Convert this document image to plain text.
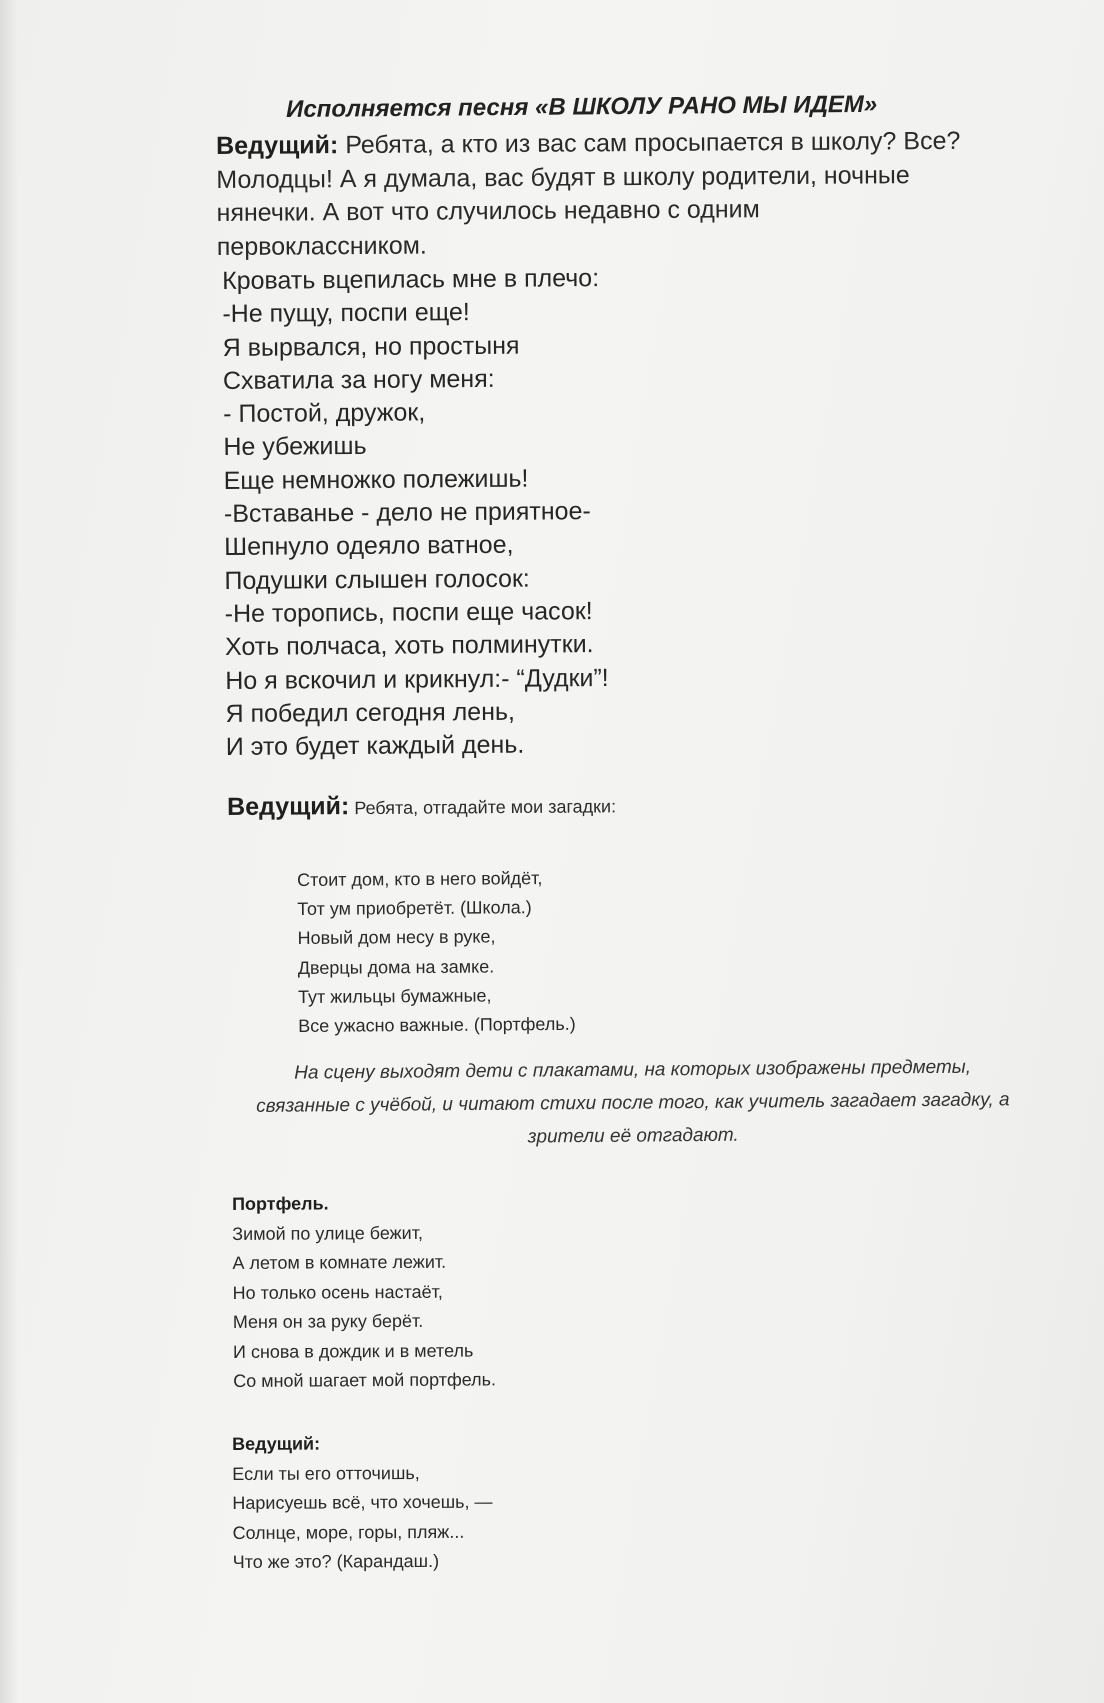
Исполняется песня «В ШКОЛУ РАНО МЫ ИДЕМ»

Ведущий: Ребята, а кто из вас сам просыпается в школу? Все? Молодцы! А я думала, вас будят в школу родители, ночные нянечки. А вот что случилось недавно с одним первоклассником.

Кровать вцепилась мне в плечо:
-Не пущу, поспи еще!
Я вырвался, но простыня
Схватила за ногу меня:
- Постой, дружок,
Не убежишь
Еще немножко полежишь!
-Вставанье - дело не приятное-
Шепнуло одеяло ватное,
Подушки слышен голосок:
-Не торопись, поспи еще часок!
Хоть полчаса, хоть полминутки.
Но я вскочил и крикнул:- “Дудки”!
Я победил сегодня лень,
И это будет каждый день.
Ведущий: Ребята, отгадайте мои загадки:
Стоит дом, кто в него войдёт,
Тот ум приобретёт. (Школа.)
Новый дом несу в руке,
Дверцы дома на замке.
Тут жильцы бумажные,
Все ужасно важные. (Портфель.)
На сцену выходят дети с плакатами, на которых изображены предметы, связанные с учёбой, и читают стихи после того, как учитель загадает загадку, а зрители её отгадают.
Портфель.
Зимой по улице бежит,
А летом в комнате лежит.
Но только осень настаёт,
Меня он за руку берёт.
И снова в дождик и в метель
Со мной шагает мой портфель.
Ведущий:
Если ты его отточишь,
Нарисуешь всё, что хочешь, —
Солнце, море, горы, пляж...
Что же это? (Карандаш.)
